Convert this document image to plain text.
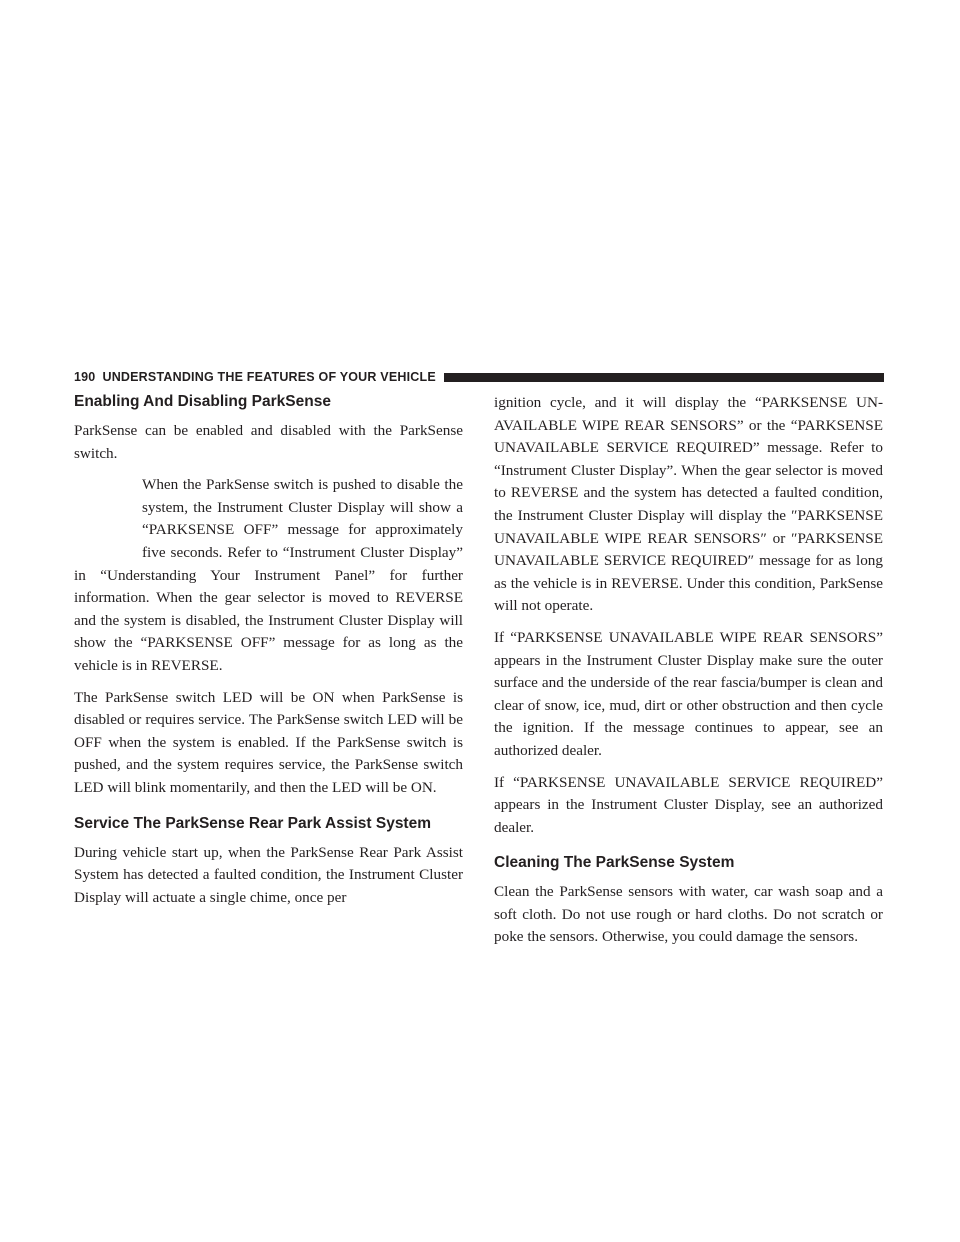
190 UNDERSTANDING THE FEATURES OF YOUR VEHICLE
Enabling And Disabling ParkSense

ParkSense can be enabled and disabled with the ParkSense switch.

When the ParkSense switch is pushed to disable the system, the Instrument Cluster Display will show a “PARKSENSE OFF” message for approximately five seconds. Refer to “Instrument Cluster Display” in “Understanding Your Instrument Panel” for further information. When the gear selector is moved to REVERSE and the system is disabled, the Instrument Cluster Display will show the “PARKSENSE OFF” message for as long as the vehicle is in REVERSE.

The ParkSense switch LED will be ON when ParkSense is disabled or requires service. The ParkSense switch LED will be OFF when the system is enabled. If the ParkSense switch is pushed, and the system requires service, the ParkSense switch LED will blink momentarily, and then the LED will be ON.

Service The ParkSense Rear Park Assist System

During vehicle start up, when the ParkSense Rear Park Assist System has detected a faulted condition, the Instrument Cluster Display will actuate a single chime, once per

ignition cycle, and it will display the “PARKSENSE UNAVAILABLE WIPE REAR SENSORS” or the “PARKSENSE UNAVAILABLE SERVICE REQUIRED” message. Refer to “Instrument Cluster Display”. When the gear selector is moved to REVERSE and the system has detected a faulted condition, the Instrument Cluster Display will display the ″PARKSENSE UNAVAILABLE WIPE REAR SENSORS″ or ″PARKSENSE UNAVAILABLE SERVICE REQUIRED″ message for as long as the vehicle is in REVERSE. Under this condition, ParkSense will not operate.

If “PARKSENSE UNAVAILABLE WIPE REAR SENSORS” appears in the Instrument Cluster Display make sure the outer surface and the underside of the rear fascia/bumper is clean and clear of snow, ice, mud, dirt or other obstruction and then cycle the ignition. If the message continues to appear, see an authorized dealer.

If “PARKSENSE UNAVAILABLE SERVICE REQUIRED” appears in the Instrument Cluster Display, see an authorized dealer.

Cleaning The ParkSense System

Clean the ParkSense sensors with water, car wash soap and a soft cloth. Do not use rough or hard cloths. Do not scratch or poke the sensors. Otherwise, you could damage the sensors.
